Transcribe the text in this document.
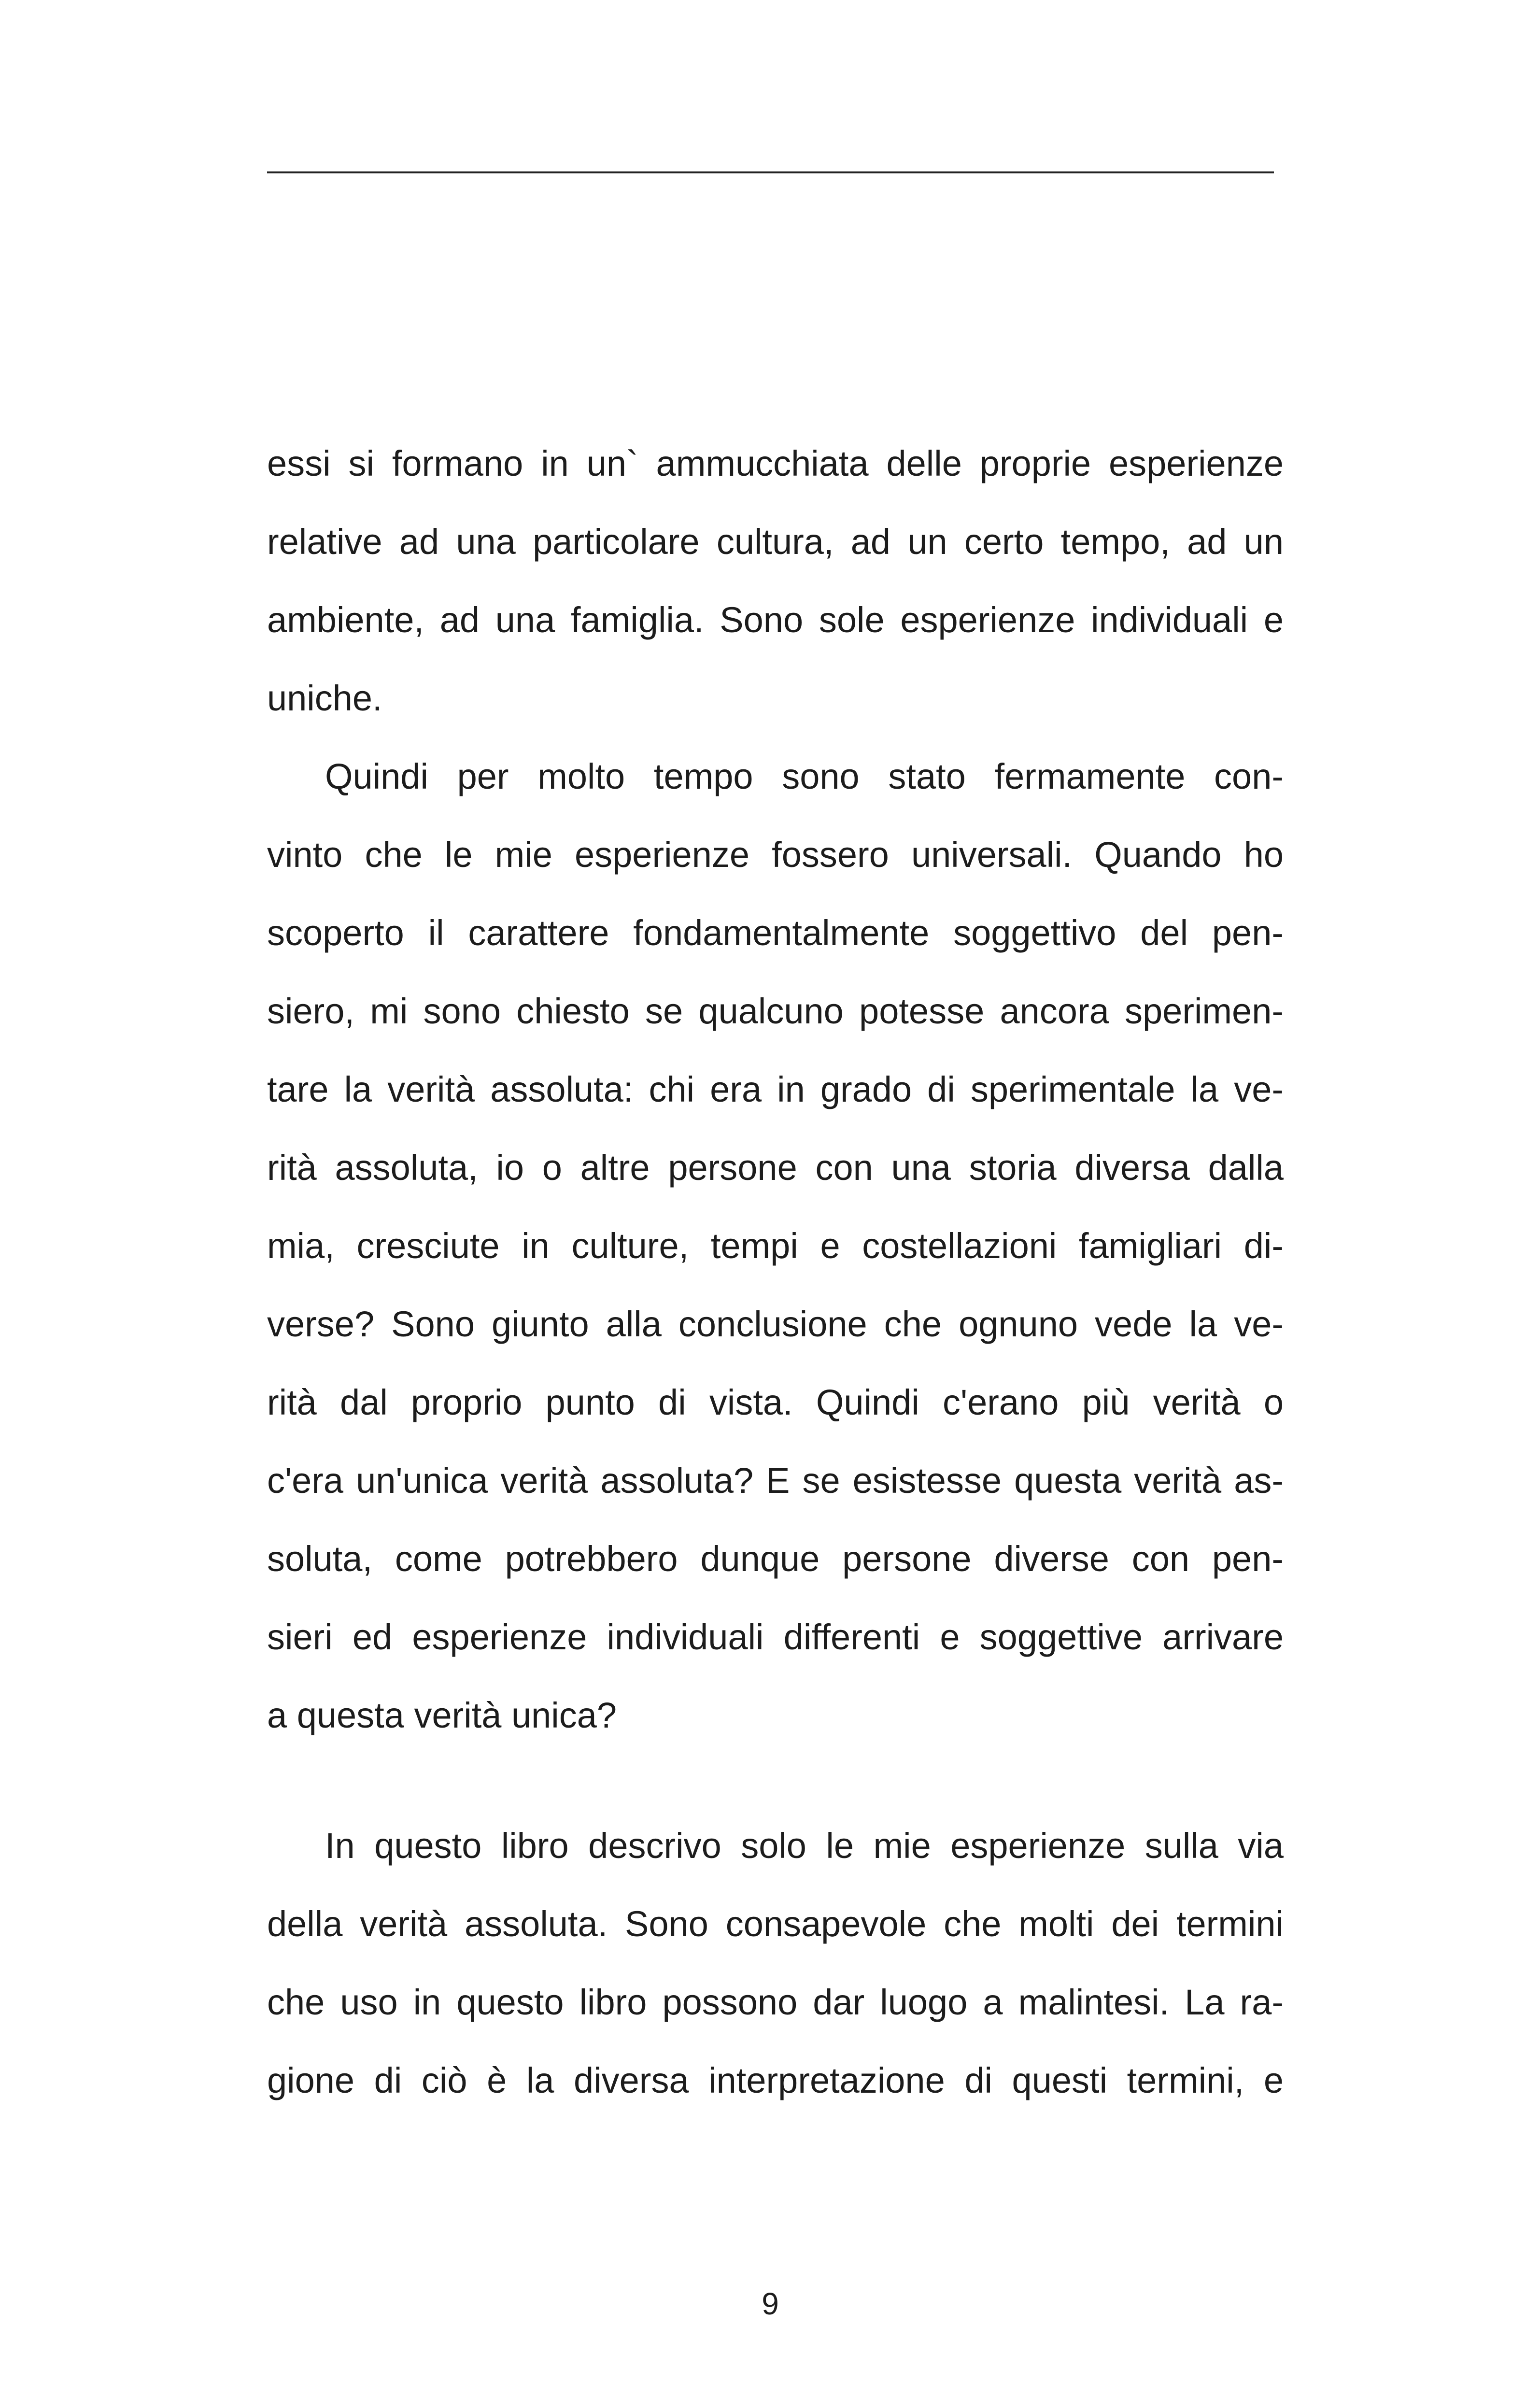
essi si formano in un` ammucchiata delle proprie esperienze
relative ad una particolare cultura, ad un certo tempo, ad un
ambiente, ad una famiglia. Sono sole esperienze individuali e
uniche.
Quindi per molto tempo sono stato fermamente con-
vinto che le mie esperienze fossero universali. Quando ho
scoperto il carattere fondamentalmente soggettivo del pen-
siero, mi sono chiesto se qualcuno potesse ancora sperimen-
tare la verità assoluta: chi era in grado di sperimentale la ve-
rità assoluta, io o altre persone con una storia diversa dalla
mia, cresciute in culture, tempi e costellazioni famigliari di-
verse? Sono giunto alla conclusione che ognuno vede la ve-
rità dal proprio punto di vista. Quindi c'erano più verità o
c'era un'unica verità assoluta? E se esistesse questa verità as-
soluta, come potrebbero dunque persone diverse con pen-
sieri ed esperienze individuali differenti e soggettive arrivare
a questa verità unica?
In questo libro descrivo solo le mie esperienze sulla via
della verità assoluta. Sono consapevole che molti dei termini
che uso in questo libro possono dar luogo a malintesi. La ra-
gione di ciò è la diversa interpretazione di questi termini, e
9
